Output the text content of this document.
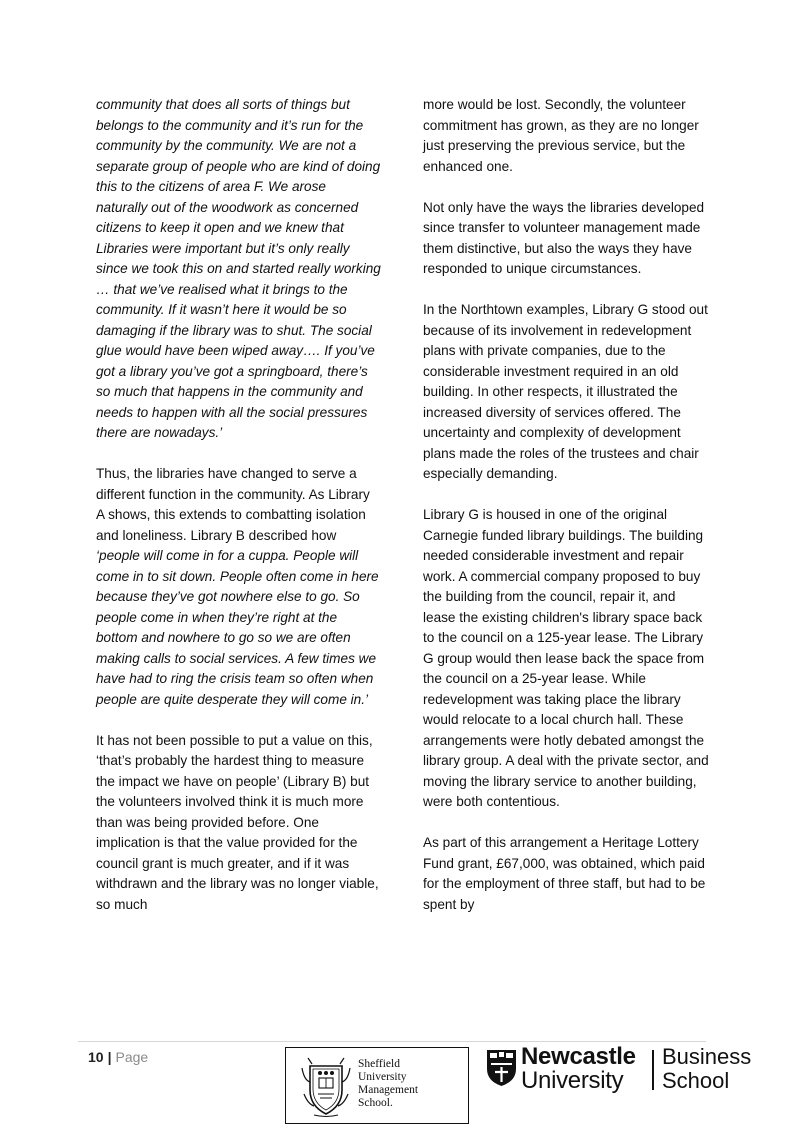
community that does all sorts of things but belongs to the community and it’s run for the community by the community. We are not a separate group of people who are kind of doing this to the citizens of area F. We arose naturally out of the woodwork as concerned citizens to keep it open and we knew that Libraries were important but it’s only really since we took this on and started really working … that we’ve realised what it brings to the community. If it wasn’t here it would be so damaging if the library was to shut. The social glue would have been wiped away…. If you’ve got a library you’ve got a springboard, there’s so much that happens in the community and needs to happen with all the social pressures there are nowadays.’

Thus, the libraries have changed to serve a different function in the community. As Library A shows, this extends to combatting isolation and loneliness. Library B described how ‘people will come in for a cuppa. People will come in to sit down. People often come in here because they’ve got nowhere else to go. So people come in when they’re right at the bottom and nowhere to go so we are often making calls to social services. A few times we have had to ring the crisis team so often when people are quite desperate they will come in.’

It has not been possible to put a value on this, ‘that’s probably the hardest thing to measure the impact we have on people’ (Library B) but the volunteers involved think it is much more than was being provided before. One implication is that the value provided for the council grant is much greater, and if it was withdrawn and the library was no longer viable, so much

more would be lost. Secondly, the volunteer commitment has grown, as they are no longer just preserving the previous service, but the enhanced one.

Not only have the ways the libraries developed since transfer to volunteer management made them distinctive, but also the ways they have responded to unique circumstances.

In the Northtown examples, Library G stood out because of its involvement in redevelopment plans with private companies, due to the considerable investment required in an old building. In other respects, it illustrated the increased diversity of services offered. The uncertainty and complexity of development plans made the roles of the trustees and chair especially demanding.

Library G is housed in one of the original Carnegie funded library buildings. The building needed considerable investment and repair work. A commercial company proposed to buy the building from the council, repair it, and lease the existing children's library space back to the council on a 125-year lease. The Library G group would then lease back the space from the council on a 25-year lease. While redevelopment was taking place the library would relocate to a local church hall. These arrangements were hotly debated amongst the library group. A deal with the private sector, and moving the library service to another building, were both contentious.

As part of this arrangement a Heritage Lottery Fund grant, £67,000, was obtained, which paid for the employment of three staff, but had to be spent by

10 | Page	Sheffield
University
Management
School.
Newcastle
University
Business
School
